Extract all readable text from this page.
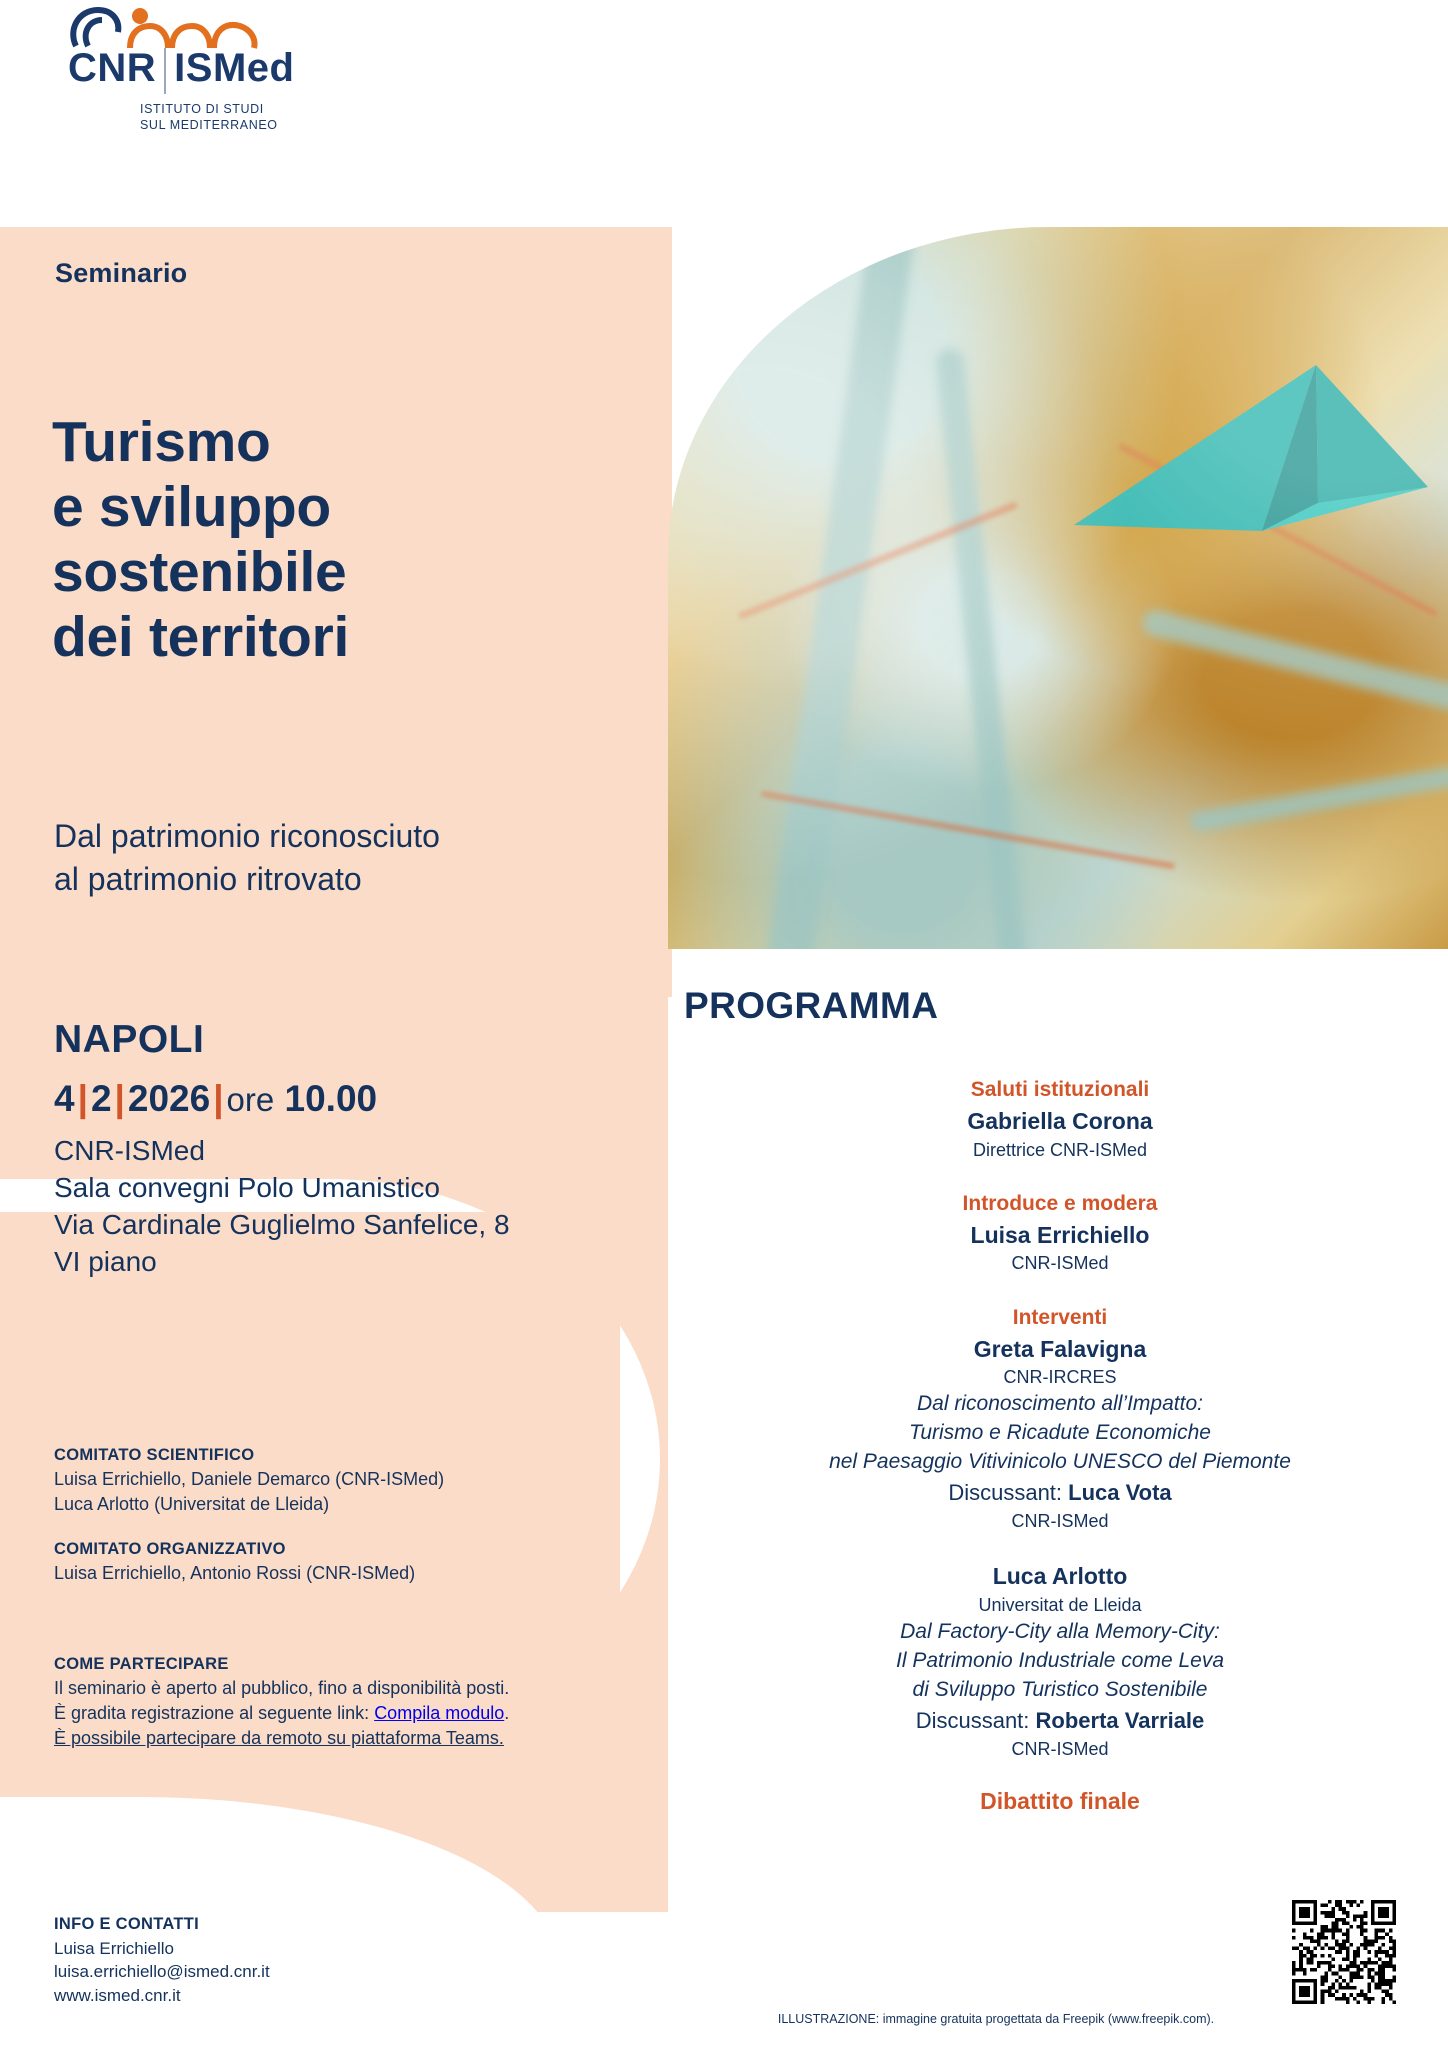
CNR ISMed
ISTITUTO DI STUDI
SUL MEDITERRANEO
Seminario
Turismo
e sviluppo
sostenibile
dei territori
Dal patrimonio riconosciuto
al patrimonio ritrovato
NAPOLI
4|2|2026|ore 10.00
CNR-ISMed
Sala convegni Polo Umanistico
Via Cardinale Guglielmo Sanfelice, 8
VI piano
COMITATO SCIENTIFICO

Luisa Errichiello, Daniele Demarco (CNR-ISMed)
Luca Arlotto (Universitat de Lleida)

COMITATO ORGANIZZATIVO

Luisa Errichiello, Antonio Rossi (CNR-ISMed)

COME PARTECIPARE

Il seminario è aperto al pubblico, fino a disponibilità posti.

È gradita registrazione al seguente link: Compila modulo.

È possibile partecipare da remoto su piattaforma Teams.

INFO E CONTATTI

Luisa Errichiello

luisa.errichiello@ismed.cnr.it

www.ismed.cnr.it

PROGRAMMA
Saluti istituzionali
Gabriella Corona
Direttrice CNR-ISMed
Introduce e modera
Luisa Errichiello
CNR-ISMed
Interventi
Greta Falavigna
CNR-IRCRES
Dal riconoscimento all’Impatto:
Turismo e Ricadute Economiche
nel Paesaggio Vitivinicolo UNESCO del Piemonte
Discussant: Luca Vota
CNR-ISMed
Luca Arlotto
Universitat de Lleida
Dal Factory-City alla Memory-City:
Il Patrimonio Industriale come Leva
di Sviluppo Turistico Sostenibile
Discussant: Roberta Varriale
CNR-ISMed
Dibattito finale
ILLUSTRAZIONE: immagine gratuita progettata da Freepik (www.freepik.com).
